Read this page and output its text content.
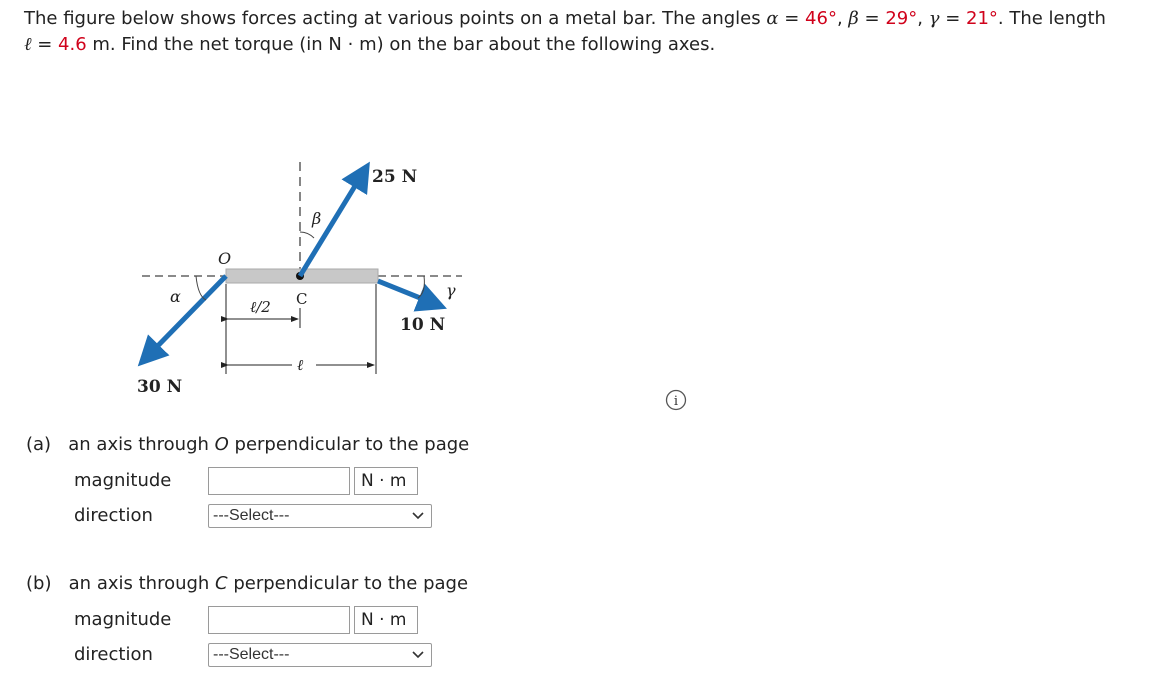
The figure below shows forces acting at various points on a metal bar. The angles α = 46°, β = 29°, γ = 21°. The length
ℓ = 4.6 m. Find the net torque (in N · m) on the bar about the following axes.
O
C
ℓ/2
ℓ
α
β
γ
25 N
10 N
30 N
i
(a) an axis through O perpendicular to the page
magnitude	N · m
direction	---Select---
(b) an axis through C perpendicular to the page
magnitude	N · m
direction	---Select---
